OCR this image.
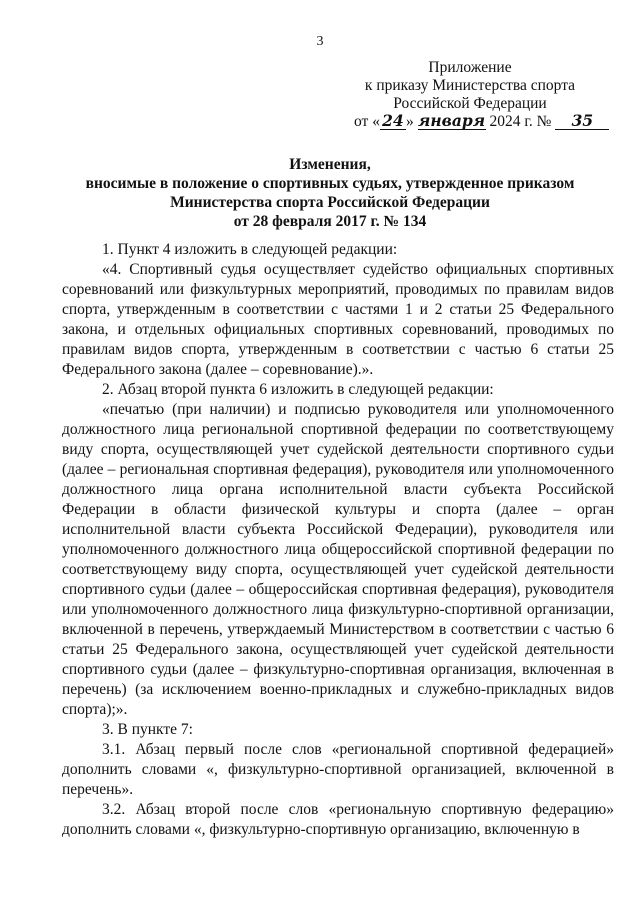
3
Приложение
к приказу Министерства спорта
Российской Федерации
от « 24 » января 2024 г. № 35
Изменения,
вносимые в положение о спортивных судьях, утвержденное приказом
Министерства спорта Российской Федерации
от 28 февраля 2017 г. № 134

1. Пункт 4 изложить в следующей редакции:

«4. Спортивный судья осуществляет судейство официальных спортивных соревнований или физкультурных мероприятий, проводимых по правилам видов спорта, утвержденным в соответствии с частями 1 и 2 статьи 25 Федерального закона, и отдельных официальных спортивных соревнований, проводимых по правилам видов спорта, утвержденным в соответствии с частью 6 статьи 25 Федерального закона (далее – соревнование).».

2. Абзац второй пункта 6 изложить в следующей редакции:

«печатью (при наличии) и подписью руководителя или уполномоченного должностного лица региональной спортивной федерации по соответствующему виду спорта, осуществляющей учет судейской деятельности спортивного судьи (далее – региональная спортивная федерация), руководителя или уполномоченного должностного лица органа исполнительной власти субъекта Российской Федерации в области физической культуры и спорта (далее – орган исполнительной власти субъекта Российской Федерации), руководителя или уполномоченного должностного лица общероссийской спортивной федерации по соответствующему виду спорта, осуществляющей учет судейской деятельности спортивного судьи (далее – общероссийская спортивная федерация), руководителя или уполномоченного должностного лица физкультурно-спортивной организации, включенной в перечень, утверждаемый Министерством в соответствии с частью 6 статьи 25 Федерального закона, осуществляющей учет судейской деятельности спортивного судьи (далее – физкультурно-спортивная организация, включенная в перечень) (за исключением военно-прикладных и служебно-прикладных видов спорта);».

3. В пункте 7:

3.1. Абзац первый после слов «региональной спортивной федерацией» дополнить словами «, физкультурно-спортивной организацией, включенной в перечень».

3.2. Абзац второй после слов «региональную спортивную федерацию» дополнить словами «, физкультурно-спортивную организацию, включенную в
